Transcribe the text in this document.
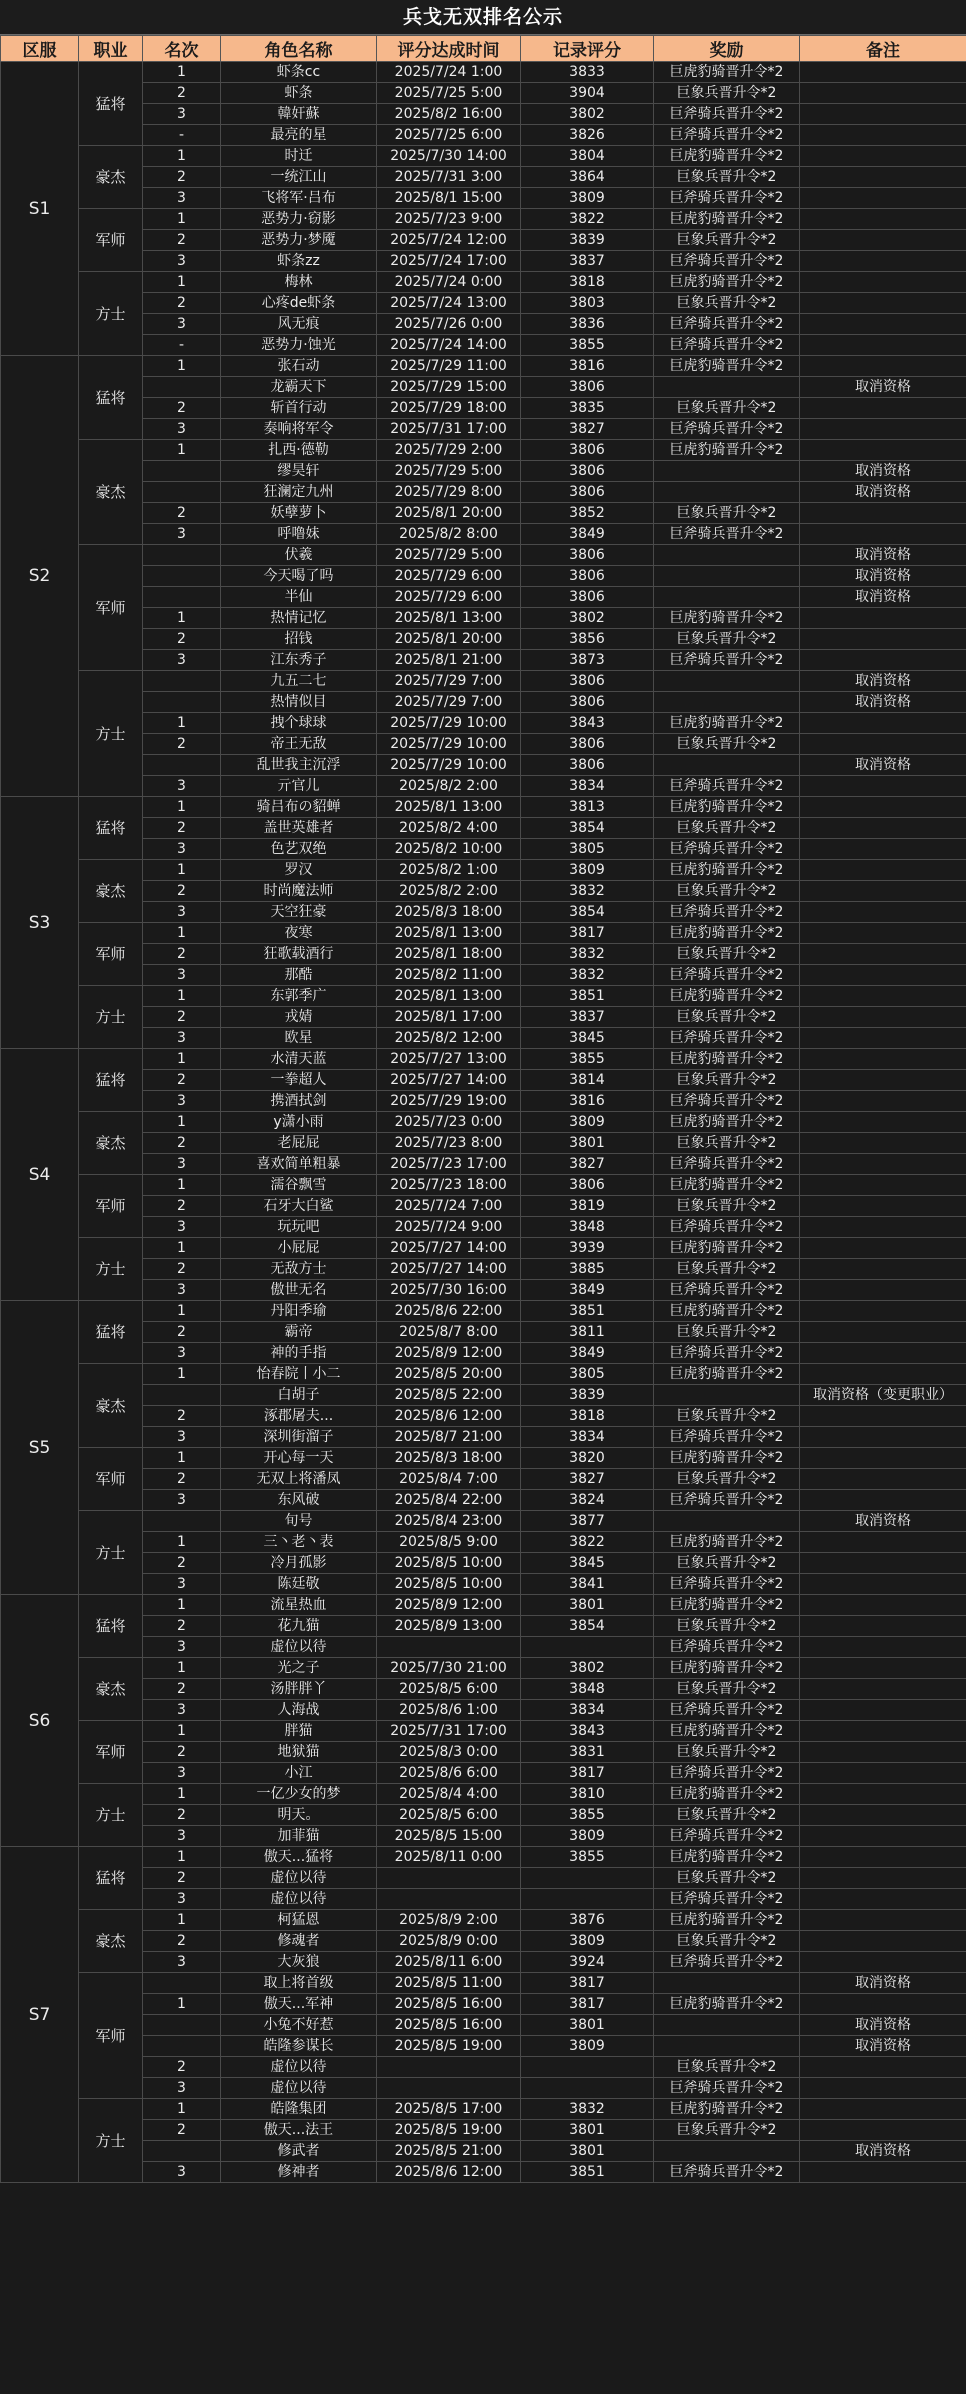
兵戈无双排名公示
区服	职业	名次	角色名称	评分达成时间	记录评分	奖励	备注
S1	猛将	1	虾条cc	2025/7/24 1:00	3833	巨虎豹骑晋升令*2	
		2	虾条	2025/7/25 5:00	3904	巨象兵晋升令*2	
		3	韓奸蘇	2025/8/2 16:00	3802	巨斧骑兵晋升令*2	
		-	最亮的星	2025/7/25 6:00	3826	巨斧骑兵晋升令*2	
	豪杰	1	时迁	2025/7/30 14:00	3804	巨虎豹骑晋升令*2	
		2	一统江山	2025/7/31 3:00	3864	巨象兵晋升令*2	
		3	飞将军·吕布	2025/8/1 15:00	3809	巨斧骑兵晋升令*2	
	军师	1	恶势力·窃影	2025/7/23 9:00	3822	巨虎豹骑晋升令*2	
		2	恶势力·梦魇	2025/7/24 12:00	3839	巨象兵晋升令*2	
		3	虾条zz	2025/7/24 17:00	3837	巨斧骑兵晋升令*2	
	方士	1	梅林	2025/7/24 0:00	3818	巨虎豹骑晋升令*2	
		2	心疼de虾条	2025/7/24 13:00	3803	巨象兵晋升令*2	
		3	风无痕	2025/7/26 0:00	3836	巨斧骑兵晋升令*2	
		-	恶势力·蚀光	2025/7/24 14:00	3855	巨斧骑兵晋升令*2	
S2	猛将	1	张石动	2025/7/29 11:00	3816	巨虎豹骑晋升令*2	
			龙霸天下	2025/7/29 15:00	3806		取消资格
		2	斩首行动	2025/7/29 18:00	3835	巨象兵晋升令*2	
		3	奏响将军令	2025/7/31 17:00	3827	巨斧骑兵晋升令*2	
	豪杰	1	扎西·德勒	2025/7/29 2:00	3806	巨虎豹骑晋升令*2	
			缪昊轩	2025/7/29 5:00	3806		取消资格
			狂澜定九州	2025/7/29 8:00	3806		取消资格
		2	妖孽萝卜	2025/8/1 20:00	3852	巨象兵晋升令*2	
		3	呼噜妹	2025/8/2 8:00	3849	巨斧骑兵晋升令*2	
	军师		伏羲	2025/7/29 5:00	3806		取消资格
			今天喝了吗	2025/7/29 6:00	3806		取消资格
			半仙	2025/7/29 6:00	3806		取消资格
		1	热情记忆	2025/8/1 13:00	3802	巨虎豹骑晋升令*2	
		2	招钱	2025/8/1 20:00	3856	巨象兵晋升令*2	
		3	江东秀子	2025/8/1 21:00	3873	巨斧骑兵晋升令*2	
	方士		九五二七	2025/7/29 7:00	3806		取消资格
			热情似目	2025/7/29 7:00	3806		取消资格
		1	拽个球球	2025/7/29 10:00	3843	巨虎豹骑晋升令*2	
		2	帝王无敌	2025/7/29 10:00	3806	巨象兵晋升令*2	
			乱世我主沉浮	2025/7/29 10:00	3806		取消资格
		3	亓官儿	2025/8/2 2:00	3834	巨斧骑兵晋升令*2	
S3	猛将	1	骑吕布の貂蝉	2025/8/1 13:00	3813	巨虎豹骑晋升令*2	
		2	盖世英雄者	2025/8/2 4:00	3854	巨象兵晋升令*2	
		3	色艺双绝	2025/8/2 10:00	3805	巨斧骑兵晋升令*2	
	豪杰	1	罗汉	2025/8/2 1:00	3809	巨虎豹骑晋升令*2	
		2	时尚魔法师	2025/8/2 2:00	3832	巨象兵晋升令*2	
		3	天空狂豪	2025/8/3 18:00	3854	巨斧骑兵晋升令*2	
	军师	1	夜寒	2025/8/1 13:00	3817	巨虎豹骑晋升令*2	
		2	狂歌载酒行	2025/8/1 18:00	3832	巨象兵晋升令*2	
		3	那酷	2025/8/2 11:00	3832	巨斧骑兵晋升令*2	
	方士	1	东郭季广	2025/8/1 13:00	3851	巨虎豹骑晋升令*2	
		2	戎婧	2025/8/1 17:00	3837	巨象兵晋升令*2	
		3	欧星	2025/8/2 12:00	3845	巨斧骑兵晋升令*2	
S4	猛将	1	水清天蓝	2025/7/27 13:00	3855	巨虎豹骑晋升令*2	
		2	一拳超人	2025/7/27 14:00	3814	巨象兵晋升令*2	
		3	携酒拭剑	2025/7/29 19:00	3816	巨斧骑兵晋升令*2	
	豪杰	1	y潇小雨	2025/7/23 0:00	3809	巨虎豹骑晋升令*2	
		2	老屁屁	2025/7/23 8:00	3801	巨象兵晋升令*2	
		3	喜欢简单粗暴	2025/7/23 17:00	3827	巨斧骑兵晋升令*2	
	军师	1	濡谷飘雪	2025/7/23 18:00	3806	巨虎豹骑晋升令*2	
		2	石牙大白鲨	2025/7/24 7:00	3819	巨象兵晋升令*2	
		3	玩玩吧	2025/7/24 9:00	3848	巨斧骑兵晋升令*2	
	方士	1	小屁屁	2025/7/27 14:00	3939	巨虎豹骑晋升令*2	
		2	无敌方士	2025/7/27 14:00	3885	巨象兵晋升令*2	
		3	傲世无名	2025/7/30 16:00	3849	巨斧骑兵晋升令*2	
S5	猛将	1	丹阳季瑜	2025/8/6 22:00	3851	巨虎豹骑晋升令*2	
		2	霸帝	2025/8/7 8:00	3811	巨象兵晋升令*2	
		3	神的手指	2025/8/9 12:00	3849	巨斧骑兵晋升令*2	
	豪杰	1	怡春院丨小二	2025/8/5 20:00	3805	巨虎豹骑晋升令*2	
			白胡子	2025/8/5 22:00	3839		取消资格（变更职业）
		2	涿郡屠夫...	2025/8/6 12:00	3818	巨象兵晋升令*2	
		3	深圳街溜子	2025/8/7 21:00	3834	巨斧骑兵晋升令*2	
	军师	1	开心每一天	2025/8/3 18:00	3820	巨虎豹骑晋升令*2	
		2	无双上将潘凤	2025/8/4 7:00	3827	巨象兵晋升令*2	
		3	东风破	2025/8/4 22:00	3824	巨斧骑兵晋升令*2	
	方士		旬号	2025/8/4 23:00	3877		取消资格
		1	三丶老丶表	2025/8/5 9:00	3822	巨虎豹骑晋升令*2	
		2	冷月孤影	2025/8/5 10:00	3845	巨象兵晋升令*2	
		3	陈廷敬	2025/8/5 10:00	3841	巨斧骑兵晋升令*2	
S6	猛将	1	流星热血	2025/8/9 12:00	3801	巨虎豹骑晋升令*2	
		2	花九猫	2025/8/9 13:00	3854	巨象兵晋升令*2	
		3	虚位以待			巨斧骑兵晋升令*2	
	豪杰	1	光之子	2025/7/30 21:00	3802	巨虎豹骑晋升令*2	
		2	汤胖胖丫	2025/8/5 6:00	3848	巨象兵晋升令*2	
		3	人海战	2025/8/6 1:00	3834	巨斧骑兵晋升令*2	
	军师	1	胖猫	2025/7/31 17:00	3843	巨虎豹骑晋升令*2	
		2	地狱猫	2025/8/3 0:00	3831	巨象兵晋升令*2	
		3	小江	2025/8/6 6:00	3817	巨斧骑兵晋升令*2	
	方士	1	一亿少女的梦	2025/8/4 4:00	3810	巨虎豹骑晋升令*2	
		2	明天。	2025/8/5 6:00	3855	巨象兵晋升令*2	
		3	加菲猫	2025/8/5 15:00	3809	巨斧骑兵晋升令*2	
S7	猛将	1	傲天...猛将	2025/8/11 0:00	3855	巨虎豹骑晋升令*2	
		2	虚位以待			巨象兵晋升令*2	
		3	虚位以待			巨斧骑兵晋升令*2	
	豪杰	1	柯猛恩	2025/8/9 2:00	3876	巨虎豹骑晋升令*2	
		2	修魂者	2025/8/9 0:00	3809	巨象兵晋升令*2	
		3	大灰狼	2025/8/11 6:00	3924	巨斧骑兵晋升令*2	
	军师		取上将首级	2025/8/5 11:00	3817		取消资格
		1	傲天...军神	2025/8/5 16:00	3817	巨虎豹骑晋升令*2	
			小兔不好惹	2025/8/5 16:00	3801		取消资格
			皓隆参谋长	2025/8/5 19:00	3809		取消资格
		2	虚位以待			巨象兵晋升令*2	
		3	虚位以待			巨斧骑兵晋升令*2	
	方士	1	皓隆集团	2025/8/5 17:00	3832	巨虎豹骑晋升令*2	
		2	傲天...法王	2025/8/5 19:00	3801	巨象兵晋升令*2	
			修武者	2025/8/5 21:00	3801		取消资格
		3	修神者	2025/8/6 12:00	3851	巨斧骑兵晋升令*2	
